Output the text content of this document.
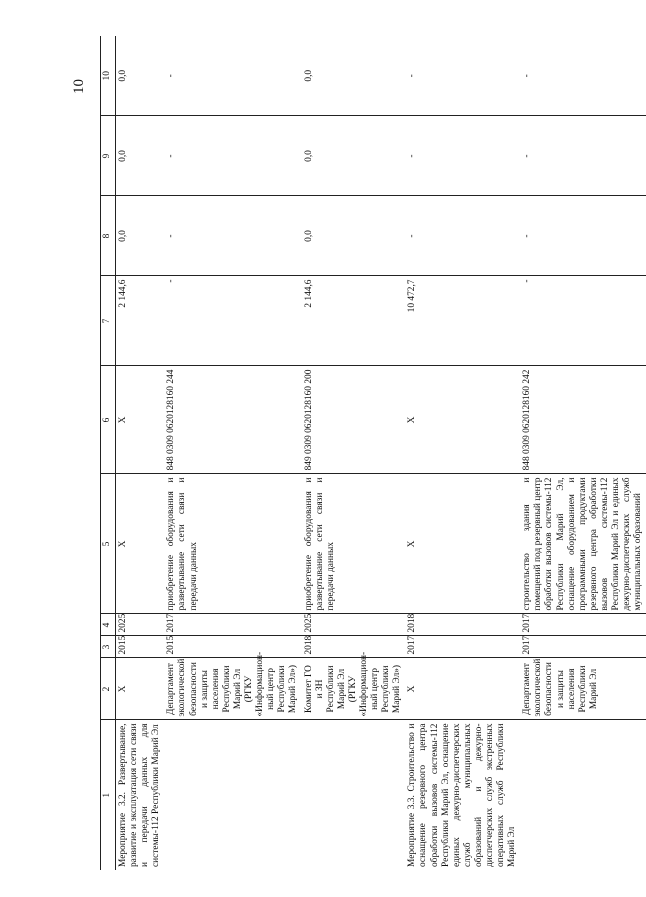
10
1	2	3	4	5	6	7	8	9	10
Мероприятие 3.2. Развертывание, развитие и эксплуатация сети связи и передачи данных для системы-112 Республики Марий Эл	X	2015	2025	X	X	2 144,6	0,0	0,0	0,0
	Департамент экологической безопасности и защиты населения Республики Марий Эл (РГКУ «Информацион-ный центр Республики Марий Эл»)	2015	2017	приобретение оборудования и развертывание сети связи и передачи данных	848 0309 0620128160 244	-	-	-	-
	Комитет ГО и ЗН Республики Марий Эл (РГКУ «Информацион-ный центр Республики Марий Эл»)	2018	2025	приобретение оборудования и развертывание сети связи и передачи данных	849 0309 0620128160 200	2 144,6	0,0	0,0	0,0
Мероприятие 3.3. Строительство и оснащение резервного центра обработки вызовов системы-112 Республики Марий Эл, оснащение единых дежурно-диспетчерских служб муниципальных образований и дежурно-диспетчерских служб экстренных оперативных служб Республики Марий Эл	X	2017	2018	X	X	10 472,7	-	-	-
	Департамент экологической безопасности и защиты населения Республики Марий Эл	2017	2017	строительство здания и помещений под резервный центр обработки вызовов системы-112 Республики Марий Эл, оснащение оборудованием и программными продуктами резервного центра обработки вызовов системы-112 Республики Марий Эл и единых дежурно-диспетчерских служб муниципальных образований	848 0309 0620128160 242	-	-	-	-
